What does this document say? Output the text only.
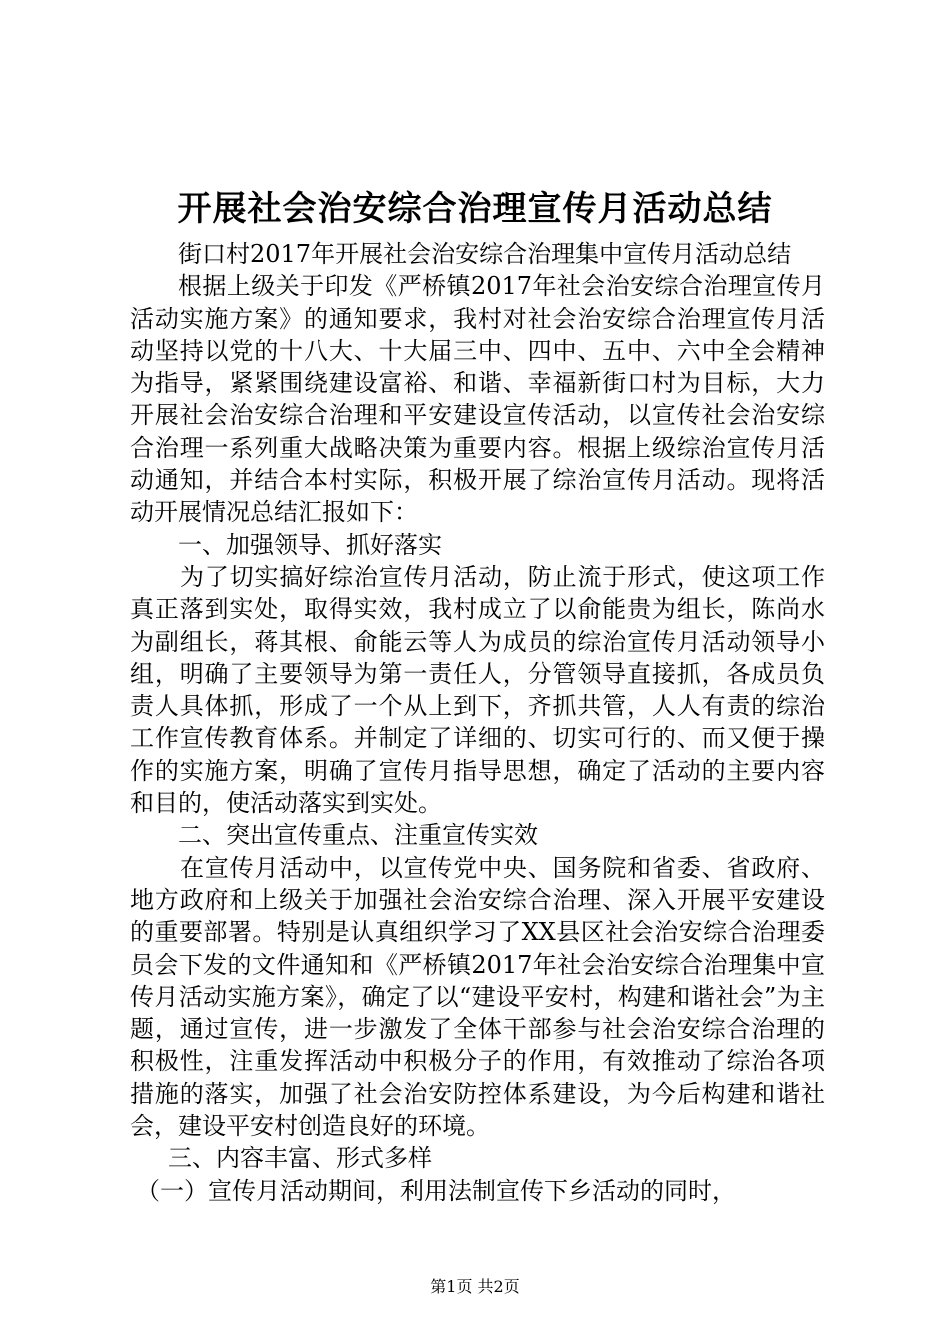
开展社会治安综合治理宣传月活动总结

街口村2017年开展社会治安综合治理集中宣传月活动总结

根据上级关于印发《严桥镇2017年社会治安综合治理宣传月活动实施方案》的通知要求，我村对社会治安综合治理宣传月活动坚持以党的十八大、十大届三中、四中、五中、六中全会精神为指导，紧紧围绕建设富裕、和谐、幸福新街口村为目标，大力开展社会治安综合治理和平安建设宣传活动，以宣传社会治安综合治理一系列重大战略决策为重要内容。根据上级综治宣传月活动通知，并结合本村实际，积极开展了综治宣传月活动。现将活动开展情况总结汇报如下：

一、加强领导、抓好落实

为了切实搞好综治宣传月活动，防止流于形式，使这项工作真正落到实处，取得实效，我村成立了以俞能贵为组长，陈尚水为副组长，蒋其根、俞能云等人为成员的综治宣传月活动领导小组，明确了主要领导为第一责任人，分管领导直接抓，各成员负责人具体抓，形成了一个从上到下，齐抓共管，人人有责的综治工作宣传教育体系。并制定了详细的、切实可行的、而又便于操作的实施方案，明确了宣传月指导思想，确定了活动的主要内容和目的，使活动落实到实处。

二、突出宣传重点、注重宣传实效

在宣传月活动中，以宣传党中央、国务院和省委、省政府、地方政府和上级关于加强社会治安综合治理、深入开展平安建设的重要部署。特别是认真组织学习了XX县区社会治安综合治理委员会下发的文件通知和《严桥镇2017年社会治安综合治理集中宣传月活动实施方案》，确定了以“建设平安村，构建和谐社会”为主题，通过宣传，进一步激发了全体干部参与社会治安综合治理的积极性，注重发挥活动中积极分子的作用，有效推动了综治各项措施的落实，加强了社会治安防控体系建设，为今后构建和谐社会，建设平安村创造良好的环境。

三、内容丰富、形式多样

（一）宣传月活动期间，利用法制宣传下乡活动的同时，

第1页 共2页
